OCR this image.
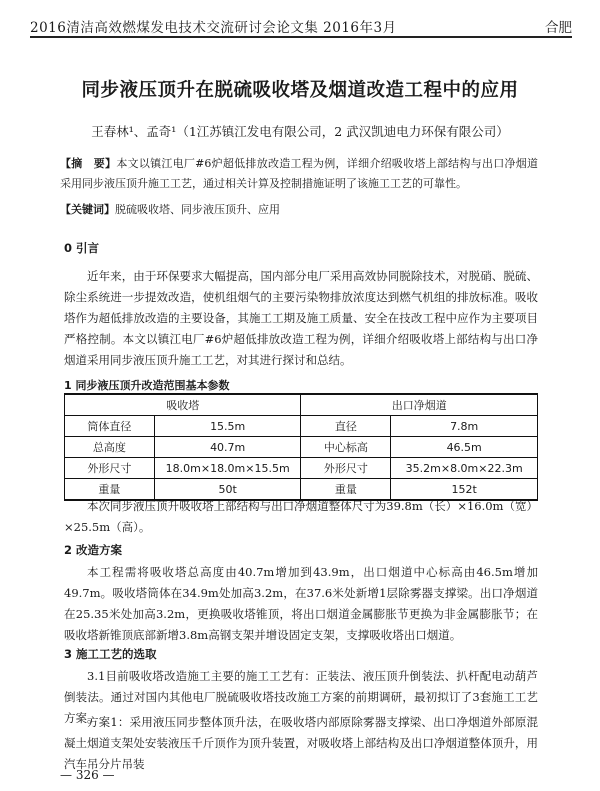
2016清洁高效燃煤发电技术交流研讨会论文集 2016年3月	合肥
同步液压顶升在脱硫吸收塔及烟道改造工程中的应用
王春林¹、孟奇¹（1江苏镇江发电有限公司，2 武汉凯迪电力环保有限公司）
【摘　要】本文以镇江电厂#6炉超低排放改造工程为例，详细介绍吸收塔上部结构与出口净烟道采用同步液压顶升施工工艺，通过相关计算及控制措施证明了该施工工艺的可靠性。
【关键词】脱硫吸收塔、同步液压顶升、应用
0 引言
近年来，由于环保要求大幅提高，国内部分电厂采用高效协同脱除技术，对脱硝、脱硫、除尘系统进一步提效改造，使机组烟气的主要污染物排放浓度达到燃气机组的排放标准。吸收塔作为超低排放改造的主要设备，其施工工期及施工质量、安全在技改工程中应作为主要项目严格控制。本文以镇江电厂#6炉超低排放改造工程为例，详细介绍吸收塔上部结构与出口净烟道采用同步液压顶升施工工艺，对其进行探讨和总结。
1 同步液压顶升改造范围基本参数
吸收塔		出口净烟道	
筒体直径	15.5m	直径	7.8m
总高度	40.7m	中心标高	46.5m
外形尺寸	18.0m×18.0m×15.5m	外形尺寸	35.2m×8.0m×22.3m
重量	50t	重量	152t
本次同步液压顶升吸收塔上部结构与出口净烟道整体尺寸为39.8m（长）×16.0m（宽）×25.5m（高）。
2 改造方案
本工程需将吸收塔总高度由40.7m增加到43.9m，出口烟道中心标高由46.5m增加49.7m。吸收塔筒体在34.9m处加高3.2m，在37.6米处新增1层除雾器支撑梁。出口净烟道在25.35米处加高3.2m，更换吸收塔锥顶，将出口烟道金属膨胀节更换为非金属膨胀节；在吸收塔新锥顶底部新增3.8m高钢支架并增设固定支架，支撑吸收塔出口烟道。
3 施工工艺的选取
3.1目前吸收塔改造施工主要的施工工艺有：正装法、液压顶升倒装法、扒杆配电动葫芦倒装法。通过对国内其他电厂脱硫吸收塔技改施工方案的前期调研，最初拟订了3套施工工艺方案。
方案1：采用液压同步整体顶升法，在吸收塔内部原除雾器支撑梁、出口净烟道外部原混凝土烟道支架处安装液压千斤顶作为顶升装置，对吸收塔上部结构及出口净烟道整体顶升，用汽车吊分片吊装
— 326 —
